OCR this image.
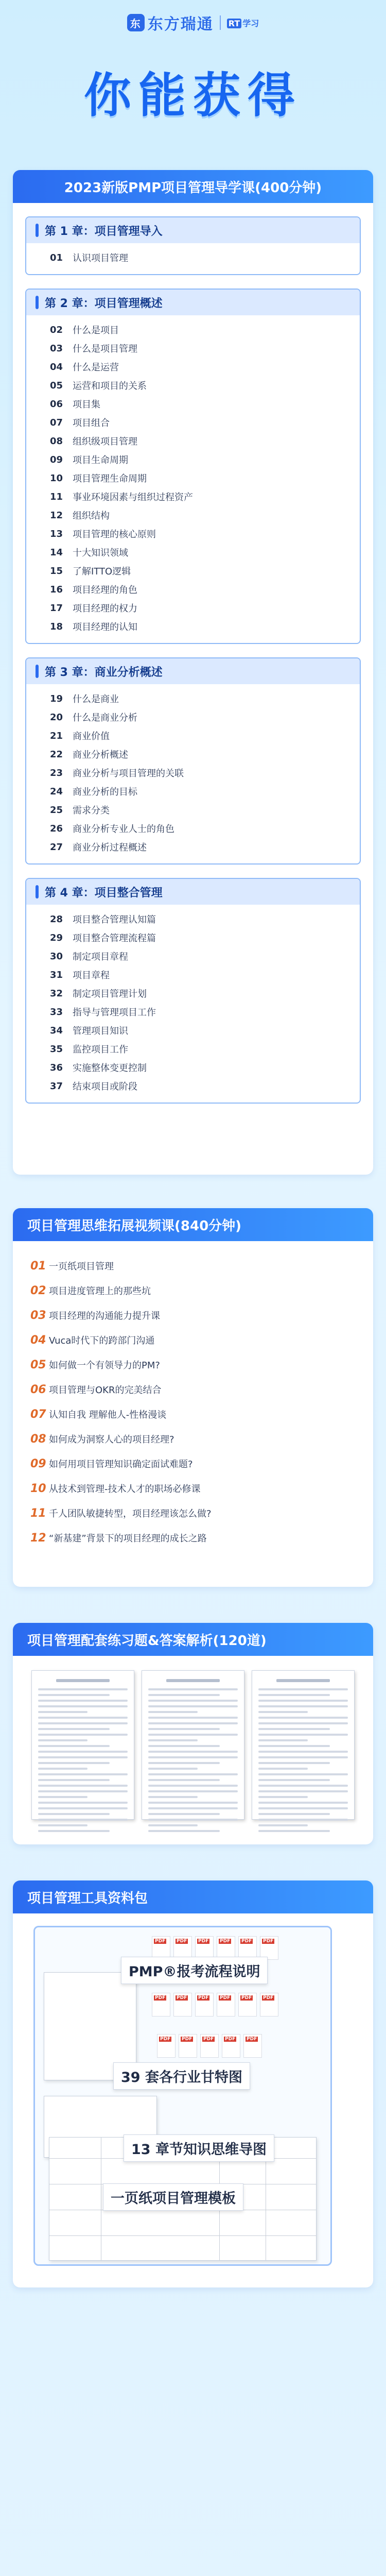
东 东方瑞通 RT 学习
你能获得
2023新版PMP项目管理导学课(400分钟)
第 1 章：项目管理导入
01	认识项目管理
第 2 章：项目管理概述
02	什么是项目
03	什么是项目管理
04	什么是运营
05	运营和项目的关系
06	项目集
07	项目组合
08	组织级项目管理
09	项目生命周期
10	项目管理生命周期
11	事业环境因素与组织过程资产
12	组织结构
13	项目管理的核心原则
14	十大知识领域
15	了解ITTO逻辑
16	项目经理的角色
17	项目经理的权力
18	项目经理的认知
第 3 章：商业分析概述
19	什么是商业
20	什么是商业分析
21	商业价值
22	商业分析概述
23	商业分析与项目管理的关联
24	商业分析的目标
25	需求分类
26	商业分析专业人士的角色
27	商业分析过程概述
第 4 章：项目整合管理
28	项目整合管理认知篇
29	项目整合管理流程篇
30	制定项目章程
31	项目章程
32	制定项目管理计划
33	指导与管理项目工作
34	管理项目知识
35	监控项目工作
36	实施整体变更控制
37	结束项目或阶段
项目管理思维拓展视频课(840分钟)
01 一页纸项目管理
02 项目进度管理上的那些坑
03 项目经理的沟通能力提升课
04 Vuca时代下的跨部门沟通
05 如何做一个有领导力的PM?
06 项目管理与OKR的完美结合
07 认知自我 理解他人-性格漫谈
08 如何成为洞察人心的项目经理?
09 如何用项目管理知识确定面试难题?
10 从技术到管理-技术人才的职场必修课
11 千人团队敏捷转型，项目经理该怎么做?
12 “新基建”背景下的项目经理的成长之路
项目管理配套练习题&答案解析(120道)
项目管理工具资料包
PDF
PDF
PDF
PDF
PDF
PDF
PDF
PDF
PDF
PDF
PDF
PDF
PDF
PDF
PDF
PDF
PDF
PMP®报考流程说明
39 套各行业甘特图
13 章节知识思维导图
一页纸项目管理模板
